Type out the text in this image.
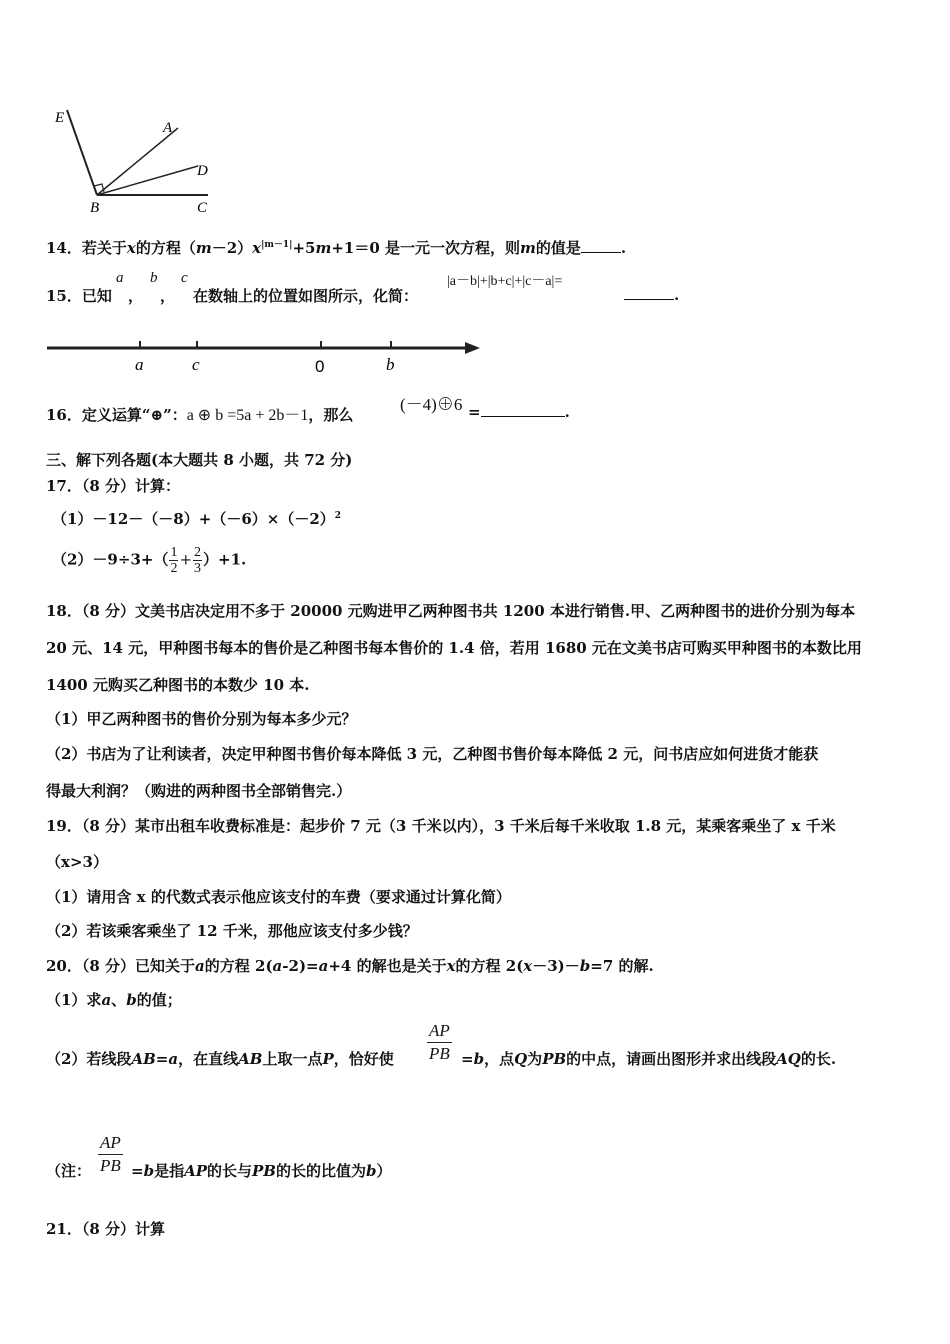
E
A
D
B	C
14．若关于x的方程$(m-2)x^{|m-1|}+5m+1=0$ 是一元一次方程，则m的值是	.
15．已知
a
，
b
，
c
在数轴上的位置如图所示，化简：
|a－b|+|b+c|+|c－a|=
.
a	c	0	b
16．定义运算“⊕”：a ⊕ b =5a + 2b－1，那么
(－4)⊕6 =	.
三、解下列各题(本大题共 8 小题，共 72 分)
17．（8 分）计算：
$(1)-12-(-8)+(-6)\times(-2)^2$
$(2)-9\div 3+( \frac{1}{2} + \frac{2}{3} )+1$.
18．（8 分）文美书店决定用不多于 20000 元购进甲乙两种图书共 1200 本进行销售.甲、乙两种图书的进价分别为每本
20 元、14 元，甲种图书每本的售价是乙种图书每本售价的 1.4 倍，若用 1680 元在文美书店可购买甲种图书的本数比用
1400 元购买乙种图书的本数少 10 本.
（1）甲乙两种图书的售价分别为每本多少元？
（2）书店为了让利读者，决定甲种图书售价每本降低 3 元，乙种图书售价每本降低 2 元，问书店应如何进货才能获
得最大利润？（购进的两种图书全部销售完.）
19．（8 分）某市出租车收费标准是：起步价 7 元（3 千米以内），3 千米后每千米收取 1.8 元，某乘客乘坐了 x 千米
（x>3）
（1）请用含 x 的代数式表示他应该支付的车费（要求通过计算化简）
（2）若该乘客乘坐了 12 千米，那他应该支付多少钱？
20．（8 分）已知关于a的方程 2(a-2)=a+4 的解也是关于x的方程 2(x－3)－b=7 的解.
（1）求a、b的值；
（2）若线段AB=a，在直线AB上取一点P，恰好使 $\frac{AP}{PB} =b$，点Q为PB的中点，请画出图形并求出线段AQ的长.
（注： $\frac{AP}{PB} =b$是指AP的长与PB的长的比值为b）
21．（8 分）计算
